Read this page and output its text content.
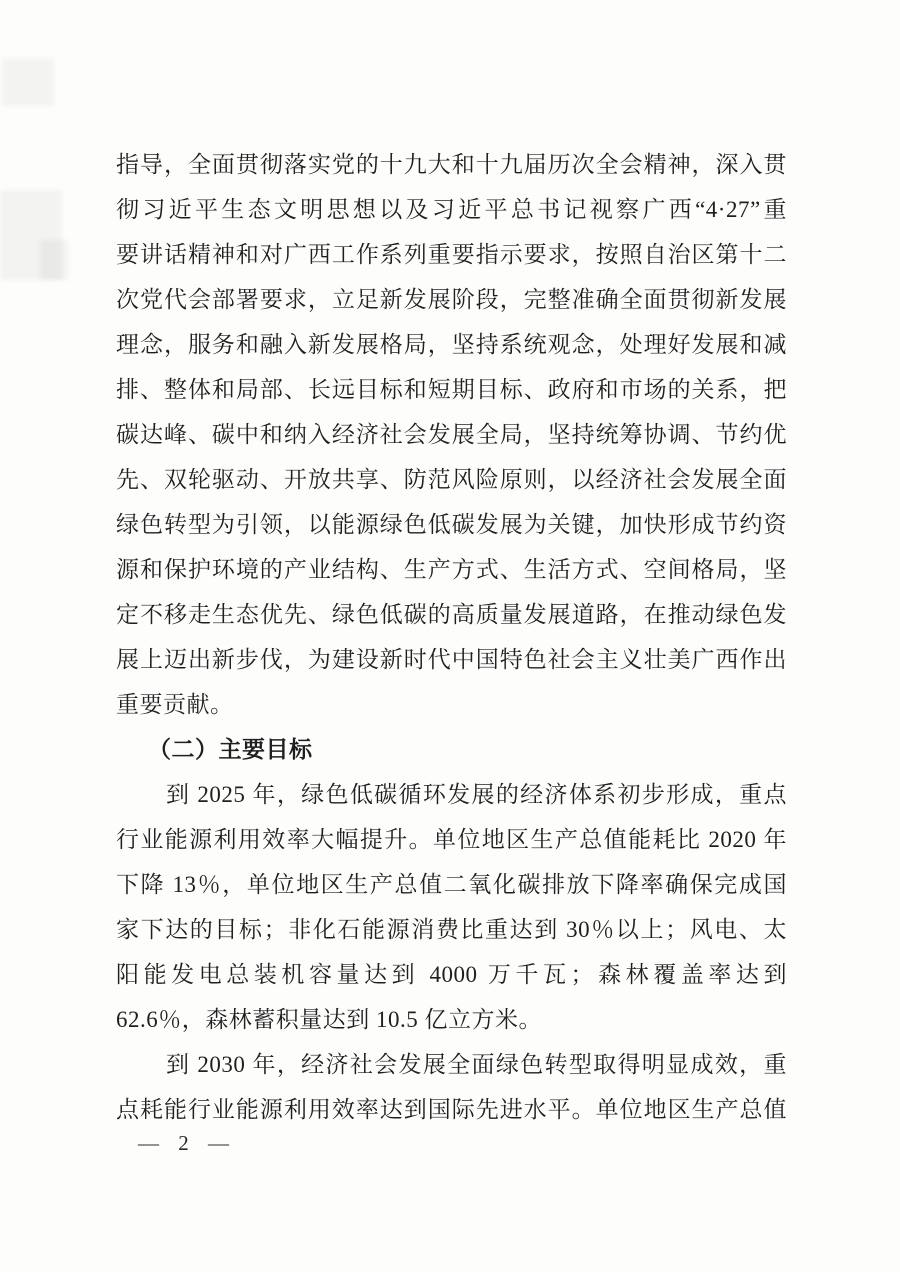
指导，全面贯彻落实党的十九大和十九届历次全会精神，深入贯
彻习近平生态文明思想以及习近平总书记视察广西“4·27”重
要讲话精神和对广西工作系列重要指示要求，按照自治区第十二
次党代会部署要求，立足新发展阶段，完整准确全面贯彻新发展
理念，服务和融入新发展格局，坚持系统观念，处理好发展和减
排、整体和局部、长远目标和短期目标、政府和市场的关系，把
碳达峰、碳中和纳入经济社会发展全局，坚持统筹协调、节约优
先、双轮驱动、开放共享、防范风险原则，以经济社会发展全面
绿色转型为引领，以能源绿色低碳发展为关键，加快形成节约资
源和保护环境的产业结构、生产方式、生活方式、空间格局，坚
定不移走生态优先、绿色低碳的高质量发展道路，在推动绿色发
展上迈出新步伐，为建设新时代中国特色社会主义壮美广西作出
重要贡献。
（二）主要目标
到 2025 年，绿色低碳循环发展的经济体系初步形成，重点
行业能源利用效率大幅提升。单位地区生产总值能耗比 2020 年
下降 13％，单位地区生产总值二氧化碳排放下降率确保完成国
家下达的目标；非化石能源消费比重达到 30％以上；风电、太
阳能发电总装机容量达到 4000 万千瓦；森林覆盖率达到
62.6％，森林蓄积量达到 10.5 亿立方米。
到 2030 年，经济社会发展全面绿色转型取得明显成效，重
点耗能行业能源利用效率达到国际先进水平。单位地区生产总值
— 2 —
